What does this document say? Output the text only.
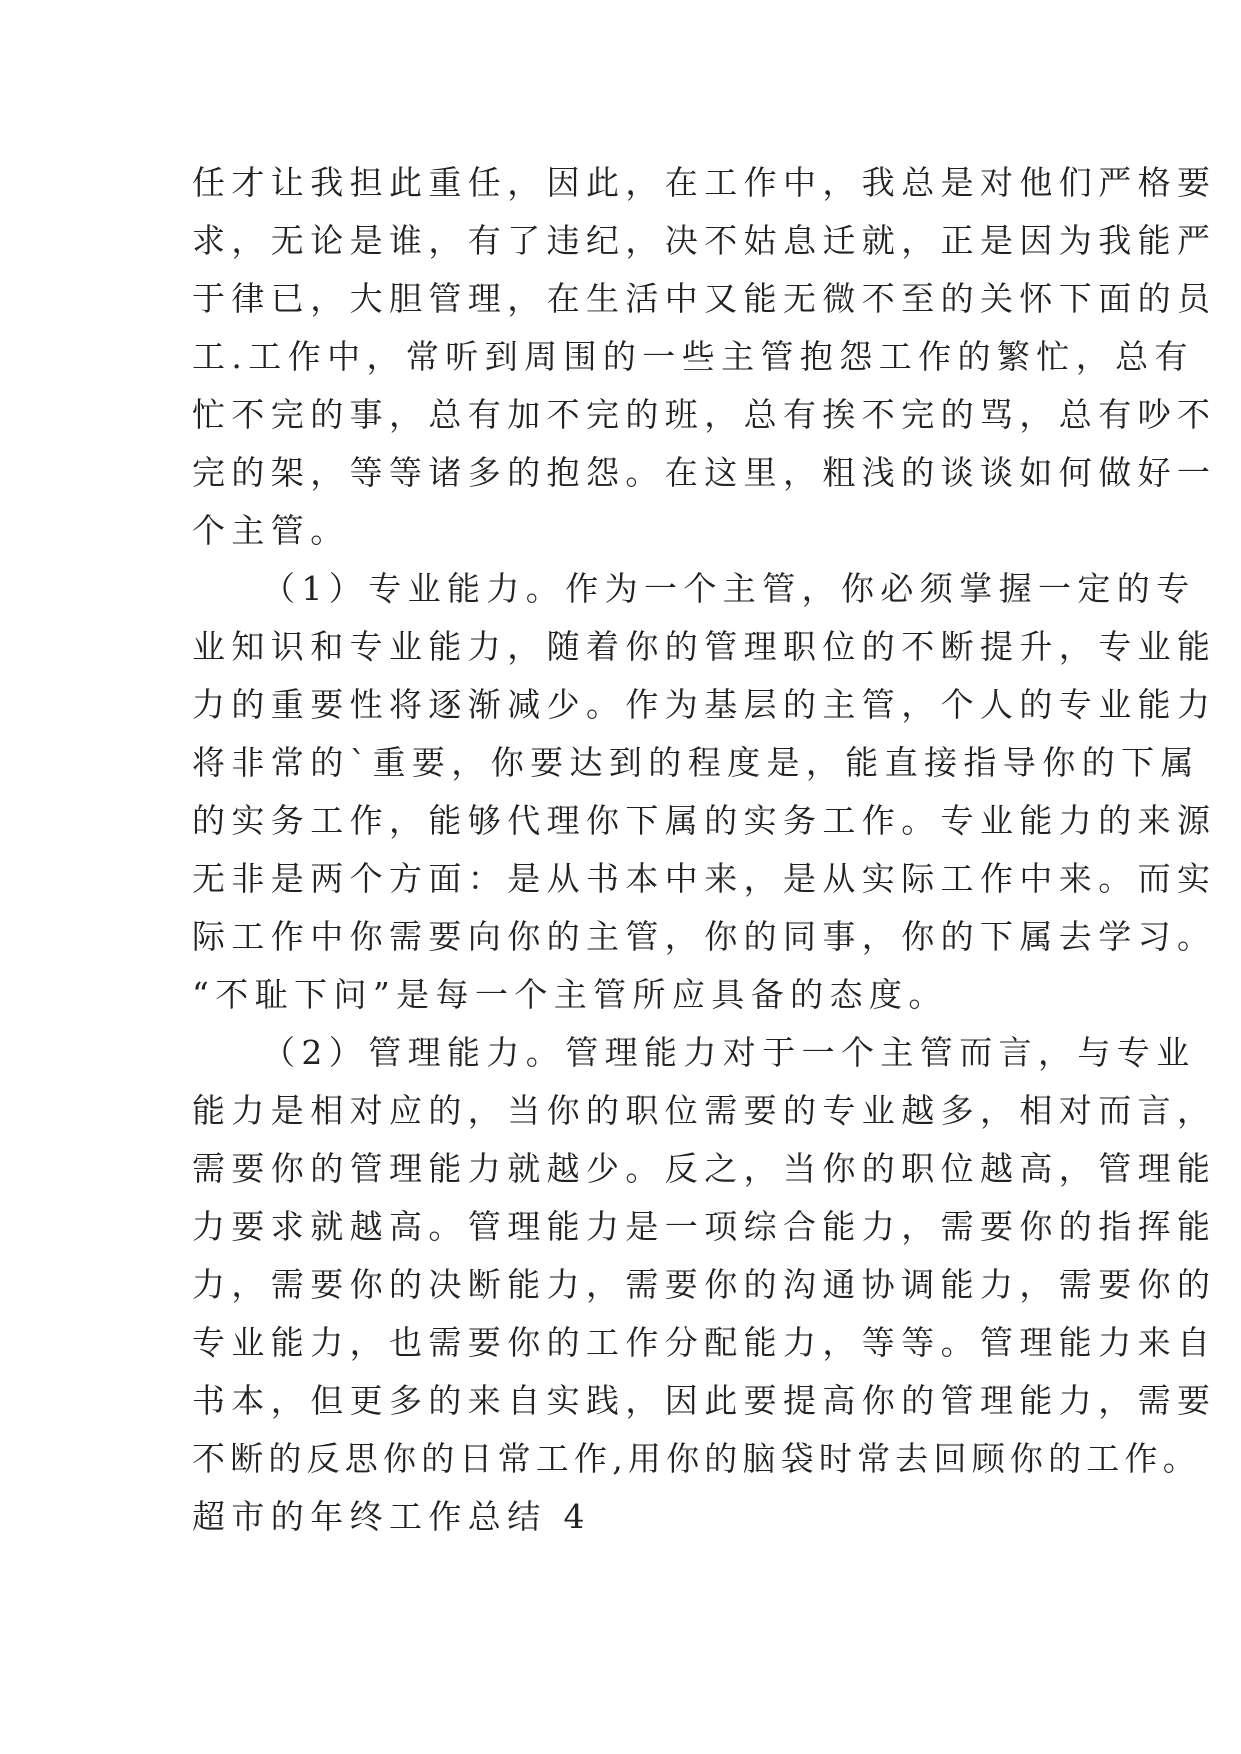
任才让我担此重任，因此，在工作中，我总是对他们严格要
求，无论是谁，有了违纪，决不姑息迁就，正是因为我能严
于律已，大胆管理，在生活中又能无微不至的关怀下面的员
工.工作中，常听到周围的一些主管抱怨工作的繁忙，总有
忙不完的事，总有加不完的班，总有挨不完的骂，总有吵不
完的架，等等诸多的抱怨。在这里，粗浅的谈谈如何做好一
个主管。
（1）专业能力。作为一个主管，你必须掌握一定的专
业知识和专业能力，随着你的管理职位的不断提升，专业能
力的重要性将逐渐减少。作为基层的主管，个人的专业能力
将非常的`重要，你要达到的程度是，能直接指导你的下属
的实务工作，能够代理你下属的实务工作。专业能力的来源
无非是两个方面：是从书本中来，是从实际工作中来。而实
际工作中你需要向你的主管，你的同事，你的下属去学习。
“不耻下问”是每一个主管所应具备的态度。
（2）管理能力。管理能力对于一个主管而言，与专业
能力是相对应的，当你的职位需要的专业越多，相对而言，
需要你的管理能力就越少。反之，当你的职位越高，管理能
力要求就越高。管理能力是一项综合能力，需要你的指挥能
力，需要你的决断能力，需要你的沟通协调能力，需要你的
专业能力，也需要你的工作分配能力，等等。管理能力来自
书本，但更多的来自实践，因此要提高你的管理能力，需要
不断的反思你的日常工作,用你的脑袋时常去回顾你的工作。
超市的年终工作总结 4
